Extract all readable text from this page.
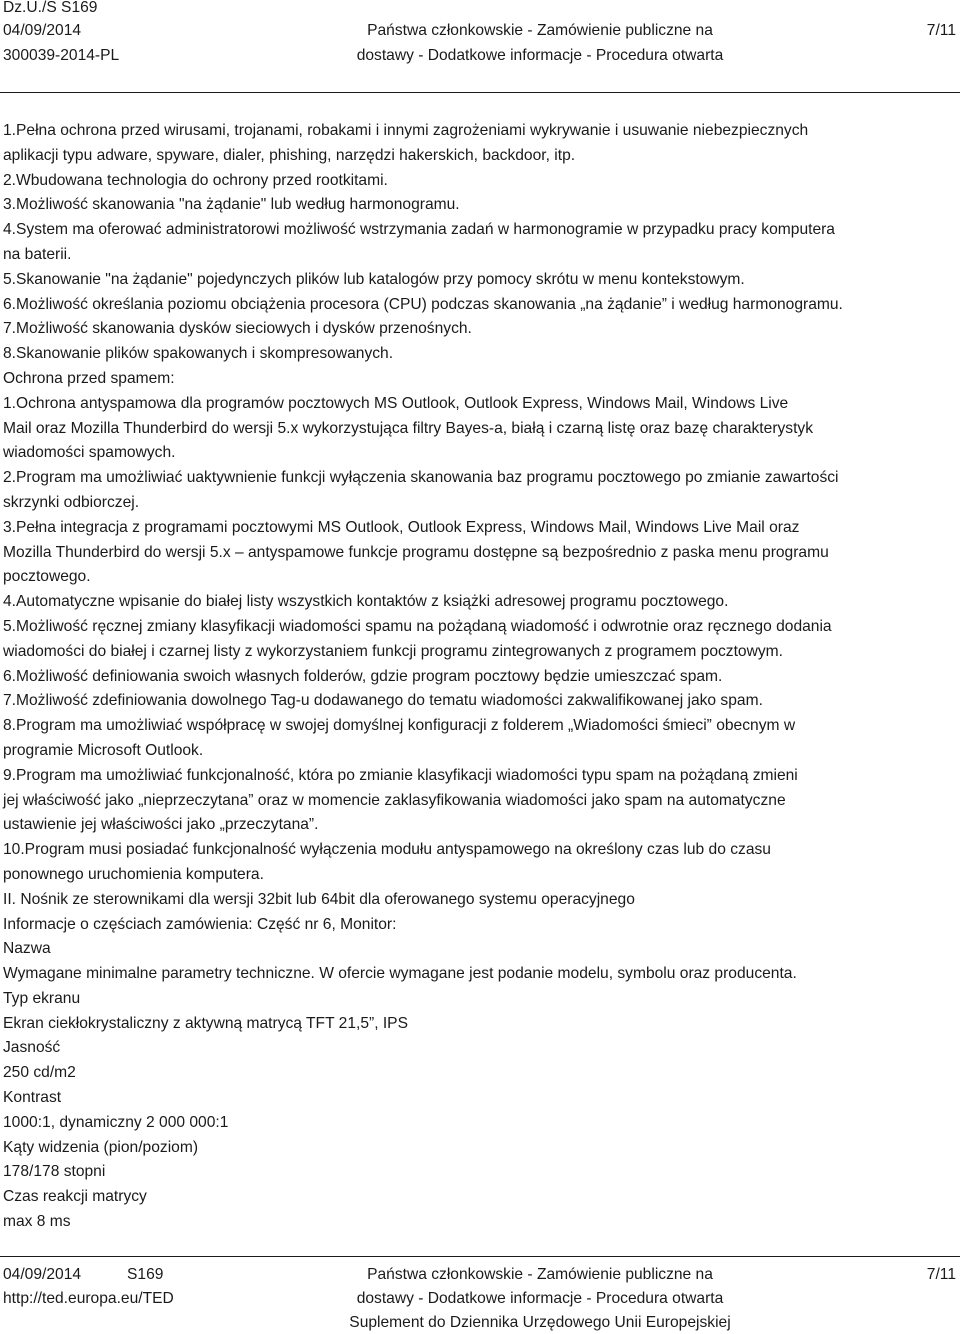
Dz.U./S S169
04/09/2014
300039-2014-PL
Państwa członkowskie - Zamówienie publiczne na
dostawy - Dodatkowe informacje - Procedura otwarta
7/11

1.Pełna ochrona przed wirusami, trojanami, robakami i innymi zagrożeniami wykrywanie i usuwanie niebezpiecznych

aplikacji typu adware, spyware, dialer, phishing, narzędzi hakerskich, backdoor, itp.

2.Wbudowana technologia do ochrony przed rootkitami.

3.Możliwość skanowania "na żądanie" lub według harmonogramu.

4.System ma oferować administratorowi możliwość wstrzymania zadań w harmonogramie w przypadku pracy komputera

na baterii.

5.Skanowanie "na żądanie" pojedynczych plików lub katalogów przy pomocy skrótu w menu kontekstowym.

6.Możliwość określania poziomu obciążenia procesora (CPU) podczas skanowania „na żądanie” i według harmonogramu.

7.Możliwość skanowania dysków sieciowych i dysków przenośnych.

8.Skanowanie plików spakowanych i skompresowanych.

Ochrona przed spamem:

1.Ochrona antyspamowa dla programów pocztowych MS Outlook, Outlook Express, Windows Mail, Windows Live

Mail oraz Mozilla Thunderbird do wersji 5.x wykorzystująca filtry Bayes-a, białą i czarną listę oraz bazę charakterystyk

wiadomości spamowych.

2.Program ma umożliwiać uaktywnienie funkcji wyłączenia skanowania baz programu pocztowego po zmianie zawartości

skrzynki odbiorczej.

3.Pełna integracja z programami pocztowymi MS Outlook, Outlook Express, Windows Mail, Windows Live Mail oraz

Mozilla Thunderbird do wersji 5.x – antyspamowe funkcje programu dostępne są bezpośrednio z paska menu programu

pocztowego.

4.Automatyczne wpisanie do białej listy wszystkich kontaktów z książki adresowej programu pocztowego.

5.Możliwość ręcznej zmiany klasyfikacji wiadomości spamu na pożądaną wiadomość i odwrotnie oraz ręcznego dodania

wiadomości do białej i czarnej listy z wykorzystaniem funkcji programu zintegrowanych z programem pocztowym.

6.Możliwość definiowania swoich własnych folderów, gdzie program pocztowy będzie umieszczać spam.

7.Możliwość zdefiniowania dowolnego Tag-u dodawanego do tematu wiadomości zakwalifikowanej jako spam.

8.Program ma umożliwiać współpracę w swojej domyślnej konfiguracji z folderem „Wiadomości śmieci” obecnym w

programie Microsoft Outlook.

9.Program ma umożliwiać funkcjonalność, która po zmianie klasyfikacji wiadomości typu spam na pożądaną zmieni

jej właściwość jako „nieprzeczytana” oraz w momencie zaklasyfikowania wiadomości jako spam na automatyczne

ustawienie jej właściwości jako „przeczytana”.

10.Program musi posiadać funkcjonalność wyłączenia modułu antyspamowego na określony czas lub do czasu

ponownego uruchomienia komputera.

II. Nośnik ze sterownikami dla wersji 32bit lub 64bit dla oferowanego systemu operacyjnego

Informacje o częściach zamówienia: Część nr 6, Monitor:

Nazwa

Wymagane minimalne parametry techniczne. W ofercie wymagane jest podanie modelu, symbolu oraz producenta.

Typ ekranu

Ekran ciekłokrystaliczny z aktywną matrycą TFT 21,5”, IPS

Jasność

250 cd/m2

Kontrast

1000:1, dynamiczny 2 000 000:1

Kąty widzenia (pion/poziom)

178/178 stopni

Czas reakcji matrycy

max 8 ms

04/09/2014	S169
http://ted.europa.eu/TED
Państwa członkowskie - Zamówienie publiczne na
dostawy - Dodatkowe informacje - Procedura otwarta
Suplement do Dziennika Urzędowego Unii Europejskiej
7/11
